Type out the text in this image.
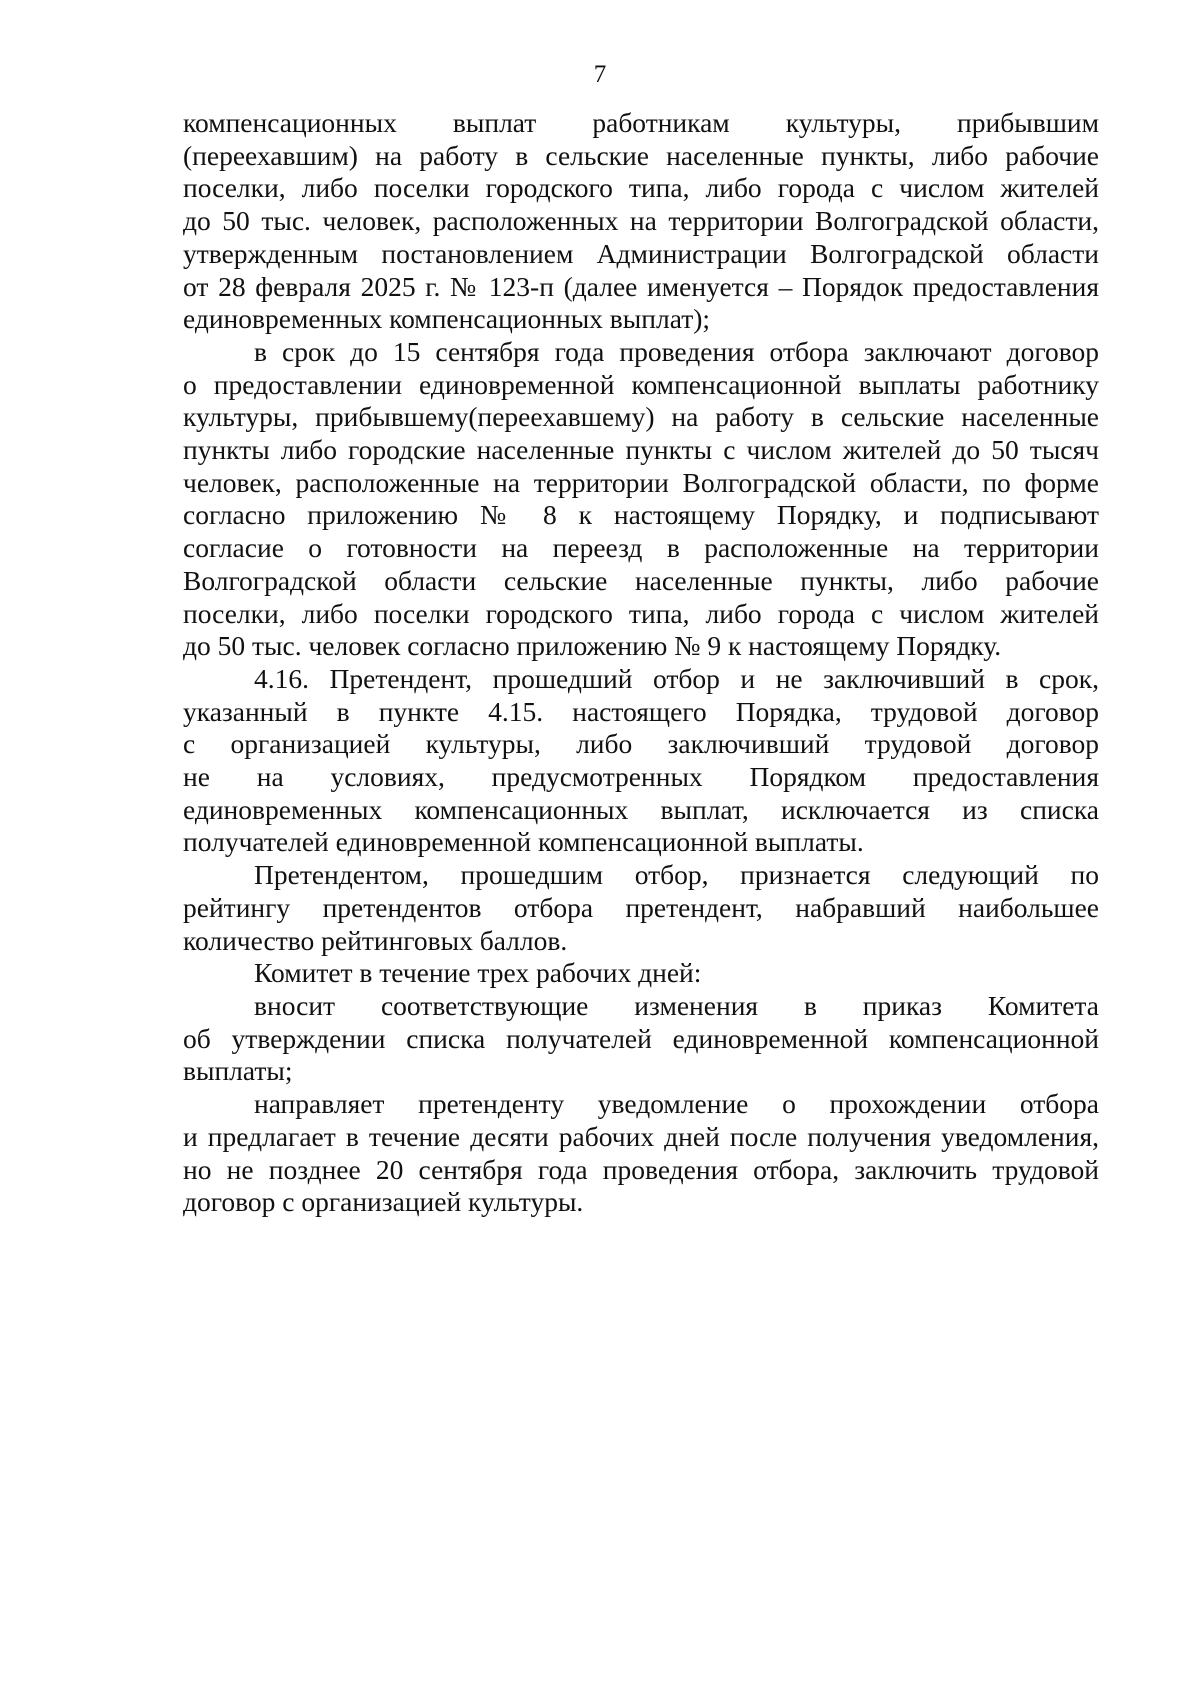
7
компенсационных выплат работникам культуры, прибывшим
(переехавшим) на работу в сельские населенные пункты, либо рабочие
поселки, либо поселки городского типа, либо города с числом жителей
до 50 тыс. человек, расположенных на территории Волгоградской области,
утвержденным постановлением Администрации Волгоградской области
от 28 февраля 2025 г. № 123-п (далее именуется – Порядок предоставления
единовременных компенсационных выплат);
в срок до 15 сентября года проведения отбора заключают договор
о предоставлении единовременной компенсационной выплаты работнику
культуры, прибывшему(переехавшему) на работу в сельские населенные
пункты либо городские населенные пункты с числом жителей до 50 тысяч
человек, расположенные на территории Волгоградской области, по форме
согласно приложению № 8 к настоящему Порядку, и подписывают
согласие о готовности на переезд в расположенные на территории
Волгоградской области сельские населенные пункты, либо рабочие
поселки, либо поселки городского типа, либо города с числом жителей
до 50 тыс. человек согласно приложению № 9 к настоящему Порядку.
4.16. Претендент, прошедший отбор и не заключивший в срок,
указанный в пункте 4.15. настоящего Порядка, трудовой договор
с организацией культуры, либо заключивший трудовой договор
не на условиях, предусмотренных Порядком предоставления
единовременных компенсационных выплат, исключается из списка
получателей единовременной компенсационной выплаты.
Претендентом, прошедшим отбор, признается следующий по
рейтингу претендентов отбора претендент, набравший наибольшее
количество рейтинговых баллов.
Комитет в течение трех рабочих дней:
вносит соответствующие изменения в приказ Комитета
об утверждении списка получателей единовременной компенсационной
выплаты;
направляет претенденту уведомление о прохождении отбора
и предлагает в течение десяти рабочих дней после получения уведомления,
но не позднее 20 сентября года проведения отбора, заключить трудовой
договор с организацией культуры.
